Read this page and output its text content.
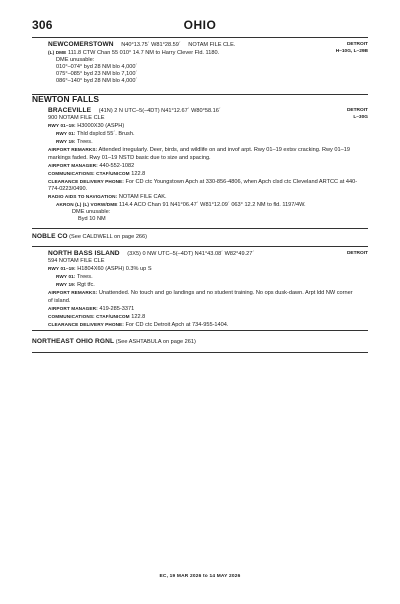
306	OHIO
DETROIT
H–10G, L–29B
NEWCOMERSTOWN N40°13.75´ W81°28.59´ NOTAM FILE CLE.
(L) DME 111.8 CTW Chan 55 010° 14.7 NM to Harry Clever Fld. 1180.
DME unusable:
010°–074° byd 28 NM blo 4,000´
075°–085° byd 23 NM blo 7,100´
086°–140° byd 28 NM blo 4,000´
NEWTON FALLS
DETROIT
L–30G
BRACEVILLE (41N) 2 N UTC–5(–4DT) N41°12.67´ W80°58.16´
900 NOTAM FILE CLE
RWY 01–19: H3000X30 (ASPH)
RWY 01: Thld dsplcd 55´. Brush.
RWY 19: Trees.
AIRPORT REMARKS: Attended irregularly. Deer, birds, and wildlife on and invof arpt. Rwy 01–19 extsv cracking. Rwy 01–19 markings faded. Rwy 01–19 NSTD basic due to size and spacing.
AIRPORT MANAGER: 440-552-1082
COMMUNICATIONS: CTAF/UNICOM 122.8
CLEARANCE DELIVERY PHONE: For CD ctc Youngstown Apch at 330-856-4806, when Apch clsd ctc Cleveland ARTCC at 440-774-0223/0490.
RADIO AIDS TO NAVIGATION: NOTAM FILE CAK.
AKRON (L) (L) VORW/DME 114.4 ACO Chan 91 N41°06.47´ W81°12.09´ 063° 12.2 NM to fld. 1197/4W.
DME unusable:
Byd 10 NM
NOBLE CO (See CALDWELL on page 266)
DETROIT
NORTH BASS ISLAND (3X5) 0 NW UTC–5(–4DT) N41°43.08´ W82°49.27´
594 NOTAM FILE CLE
RWY 01–19: H1804X60 (ASPH) 0.3% up S
RWY 01: Trees.
RWY 19: Rgt tfc.
AIRPORT REMARKS: Unattended. No touch and go landings and no student training. No ops dusk-dawn. Arpt ldd NW corner of island.
AIRPORT MANAGER: 419-285-3371
COMMUNICATIONS: CTAF/UNICOM 122.8
CLEARANCE DELIVERY PHONE: For CD ctc Detroit Apch at 734-955-1404.
NORTHEAST OHIO RGNL (See ASHTABULA on page 261)
EC, 19 MAR 2026 to 14 MAY 2026
